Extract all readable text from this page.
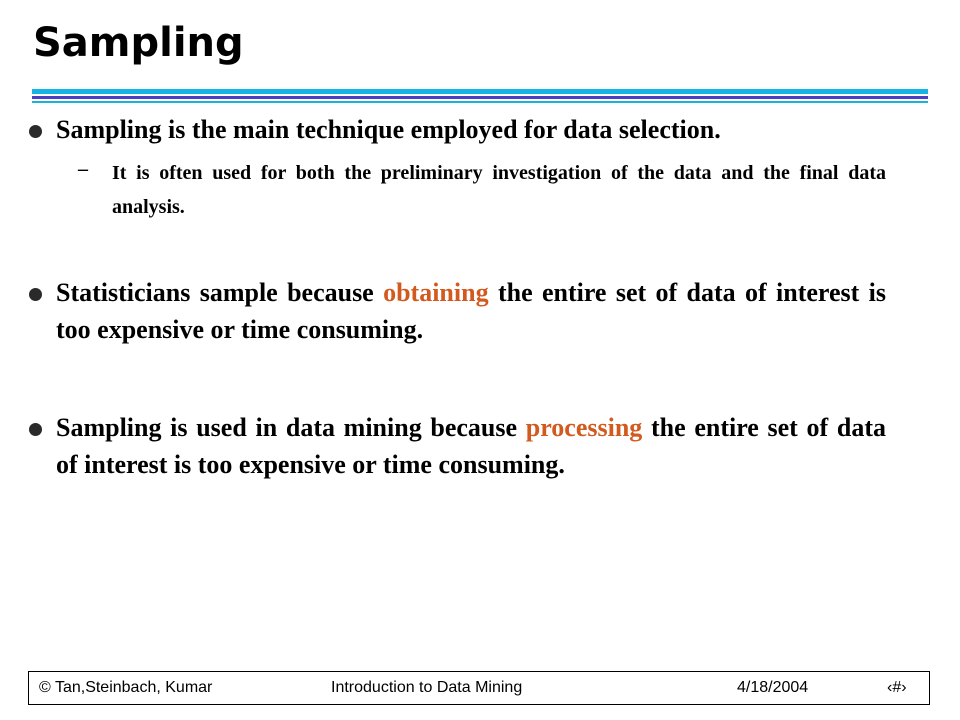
Sampling

Sampling is the main technique employed for data selection.

–	It is often used for both the preliminary investigation of the data and the final data analysis.

Statisticians sample because obtaining the entire set of data of interest is too expensive or time consuming.

Sampling is used in data mining because processing the entire set of data of interest is too expensive or time consuming.

© Tan,Steinbach, Kumar	Introduction to Data Mining	4/18/2004	‹#›
